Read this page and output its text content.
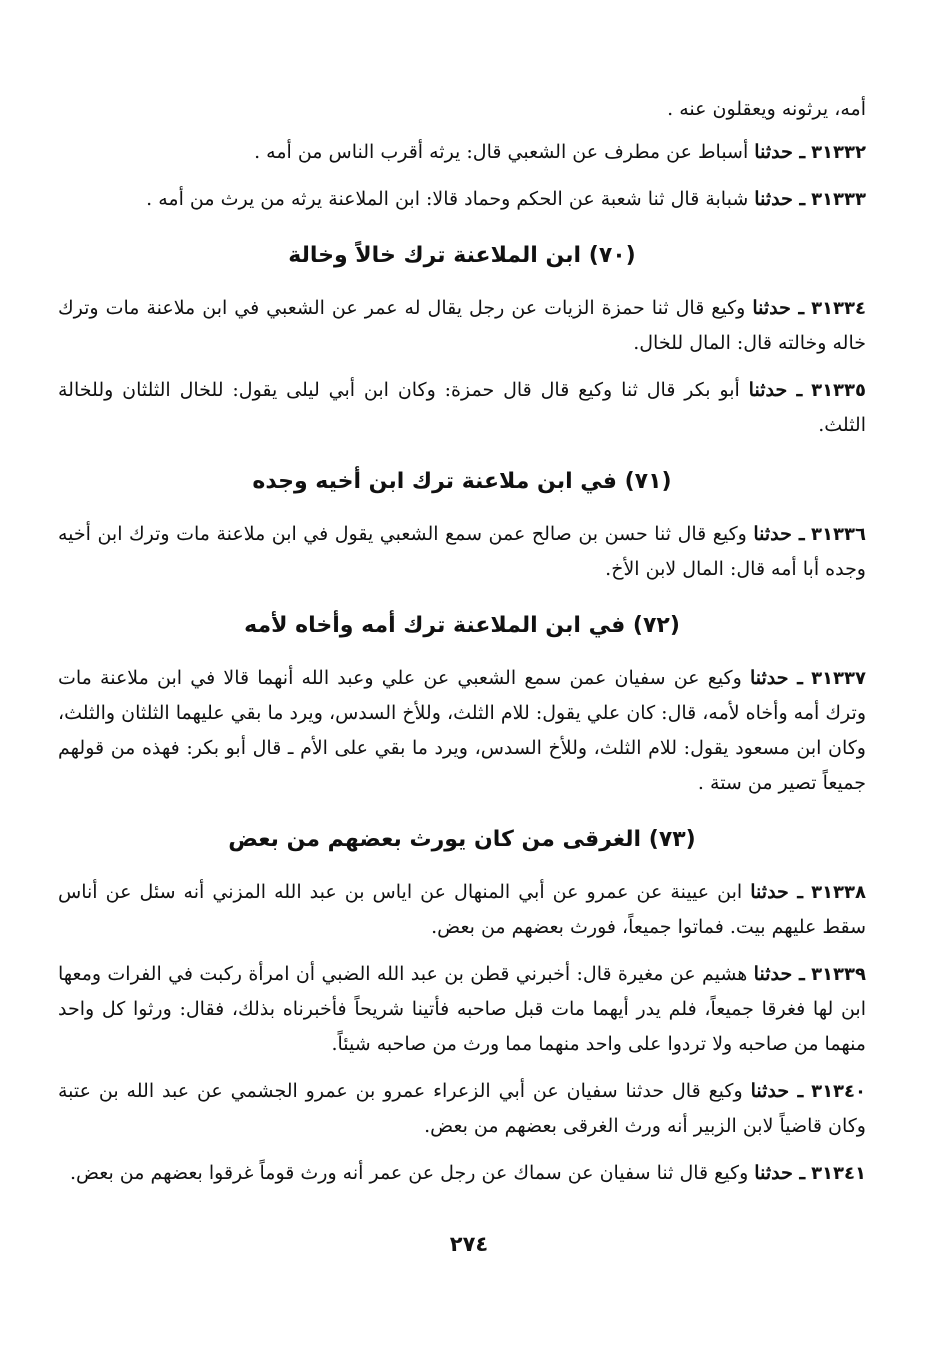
أمه، يرثونه ويعقلون عنه .

٣١٣٣٢ ـ حدثنا أسباط عن مطرف عن الشعبي قال: يرثه أقرب الناس من أمه .

٣١٣٣٣ ـ حدثنا شبابة قال ثنا شعبة عن الحكم وحماد قالا: ابن الملاعنة يرثه من يرث من أمه .

(٧٠) ابن الملاعنة ترك خالاً وخالة

٣١٣٣٤ ـ حدثنا وكيع قال ثنا حمزة الزيات عن رجل يقال له عمر عن الشعبي في ابن ملاعنة مات وترك خاله وخالته قال: المال للخال.

٣١٣٣٥ ـ حدثنا أبو بكر قال ثنا وكيع قال قال حمزة: وكان ابن أبي ليلى يقول: للخال الثلثان وللخالة الثلث.

(٧١) في ابن ملاعنة ترك ابن أخيه وجده

٣١٣٣٦ ـ حدثنا وكيع قال ثنا حسن بن صالح عمن سمع الشعبي يقول في ابن ملاعنة مات وترك ابن أخيه وجده أبا أمه قال: المال لابن الأخ.

(٧٢) في ابن الملاعنة ترك أمه وأخاه لأمه

٣١٣٣٧ ـ حدثنا وكيع عن سفيان عمن سمع الشعبي عن علي وعبد الله أنهما قالا في ابن ملاعنة مات وترك أمه وأخاه لأمه، قال: كان علي يقول: للام الثلث، وللأخ السدس، ويرد ما بقي عليهما الثلثان والثلث، وكان ابن مسعود يقول: للام الثلث، وللأخ السدس، ويرد ما بقي على الأم ـ قال أبو بكر: فهذه من قولهم جميعاً تصير من ستة .

(٧٣) الغرقى من كان يورث بعضهم من بعض

٣١٣٣٨ ـ حدثنا ابن عيينة عن عمرو عن أبي المنهال عن اياس بن عبد الله المزني أنه سئل عن أناس سقط عليهم بيت. فماتوا جميعاً، فورث بعضهم من بعض.

٣١٣٣٩ ـ حدثنا هشيم عن مغيرة قال: أخبرني قطن بن عبد الله الضبي أن امرأة ركبت في الفرات ومعها ابن لها فغرقا جميعاً، فلم يدر أيهما مات قبل صاحبه فأتينا شريحاً فأخبرناه بذلك، فقال: ورثوا كل واحد منهما من صاحبه ولا تردوا على واحد منهما مما ورث من صاحبه شيئاً.

٣١٣٤٠ ـ حدثنا وكيع قال حدثنا سفيان عن أبي الزعراء عمرو بن عمرو الجشمي عن عبد الله بن عتبة وكان قاضياً لابن الزبير أنه ورث الغرقى بعضهم من بعض.

٣١٣٤١ ـ حدثنا وكيع قال ثنا سفيان عن سماك عن رجل عن عمر أنه ورث قوماً غرقوا بعضهم من بعض.

٢٧٤
